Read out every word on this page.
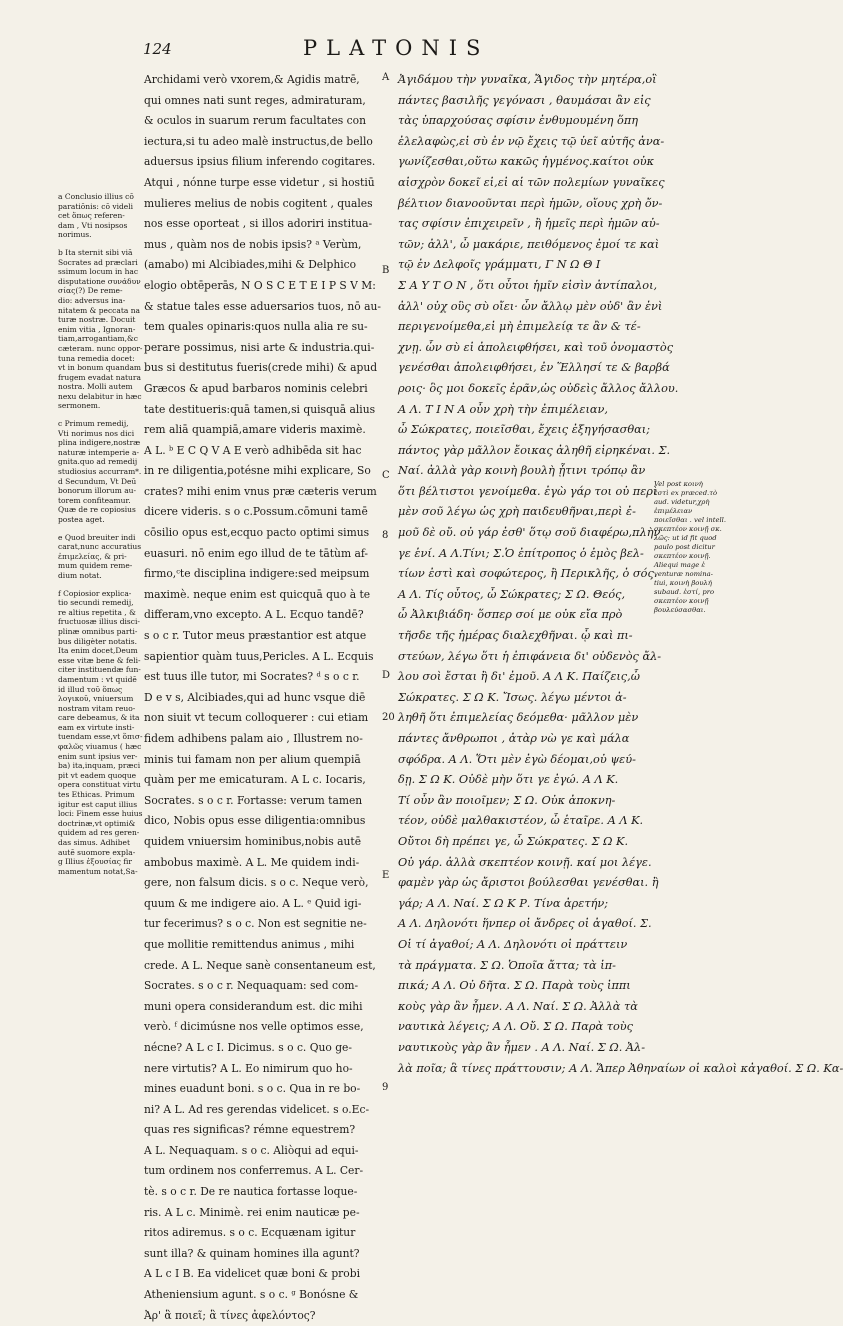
124	PLATONIS

a Conclusio illius cō

paratiōnis: cō videli

cet ὅπως referen-

dam , Vti nosipsos

norimus.

b Ita sternit sibi viā

Socrates ad præclari

ssimum locum in hac

disputatione συνάδυν

σίας(?) De reme-

dio: adversus ina-

nitatem & peccata na

turæ nostræ. Docuit

enim vitia , Ignoran-

tiam,arrogantiam,&c

cæteram. nunc oppor-

tuna remedia docet:

vt in bonum quandam

frugem evadat natura

nostra. Molli autem

nexu delabitur in hæc

sermonem.

c Primum remedij,

Vti norimus nos dici

plina indigere,nostræ

naturæ intemperie a-

gnita.quo ad remedij

studiosius accurram*.

d Secundum, Vt Deū

bonorum illorum au-

torem confiteamur.

Quæ de re copiosius

postea aget.

e Quod breuiter indi

carat,nunc accuratius

ἐπιμελείας, & pri-

mum quidem reme-

dium notat.

f Copiosior explica-

tio secundi remedij,

re altius repetita , &

fructuosæ illius disci-

plinæ omnibus parti-

bus diligèter notatis.

Ita enim docet,Deum

esse vitæ bene & feli-

citer instituendæ fun-

damentum : vt quidē

id illud τοῦ ὅπως

λογικοῦ, vniuersum

nostram vitam reuo-

care debeamus, & ita

eam ex virtute insti-

tuendam esse,vt ὅπισ-

φαλῶς viuamus ( hæc

enim sunt ipsius ver-

ba) ita,inquam, præci

pit vt eadem quoque

opera constituat virtu

tes Ethicas. Primum

igitur est caput illius

loci: Finem esse huius

doctrinæ,vt optimi&

quidem ad res geren-

das simus. Adhibet

autē suomore expla-

g Illius ἐξουσίας fir

mamentum notat,Sa-

Archidami verò vxorem,& Agidis matrē,

qui omnes nati sunt reges, admiraturam,

& oculos in suarum rerum facultates con

iectura,si tu adeo malè instructus,de bello

aduersus ipsius filium inferendo cogitares.

Atqui , nónne turpe esse videtur , si hostiū

mulieres melius de nobis cogitent , quales

nos esse oporteat , si illos adoriri institua-

mus , quàm nos de nobis ipsis? ᵃ Verùm,

(amabo) mi Alcibiades,mihi & Delphico

elogio obtēperās, N O S C E T E I P S V M:

& statue tales esse aduersarios tuos, nō au-

tem quales opinaris:quos nulla alia re su-

perare possimus, nisi arte & industria.qui-

bus si destitutus fueris(crede mihi) & apud

Græcos & apud barbaros nominis celebri

tate destitueris:quā tamen,si quisquā alius

rem aliā quampiā,amare videris maximè.

A L. ᵇ E C Q V A E verò adhibēda sit hac

in re diligentia,potésne mihi explicare, So

crates? mihi enim vnus præ cæteris verum

dicere videris. s o c.Possum.cōmuni tamē

cōsilio opus est,ecquo pacto optimi simus

euasuri. nō enim ego illud de te tātùm af-

firmo,ᶜte disciplina indigere:sed meipsum

maximè. neque enim est quicquā quo à te

differam,vno excepto. A L. Ecquo tandē?

s o c r. Tutor meus præstantior est atque

sapientior quàm tuus,Pericles. A L. Ecquis

est tuus ille tutor, mi Socrates? ᵈ s o c r.

D e v s, Alcibiades,qui ad hunc vsque diē

non siuit vt tecum colloquerer : cui etiam

fidem adhibens palam aio , Illustrem no-

minis tui famam non per alium quempiā

quàm per me emicaturam. A L c. Iocaris,

Socrates. s o c r. Fortasse: verum tamen

dico, Nobis opus esse diligentia:omnibus

quidem vniuersim hominibus,nobis autē

ambobus maximè. A L. Me quidem indi-

gere, non falsum dicis. s o c. Neque verò,

quum & me indigere aio. A L. ᵉ Quid igi-

tur fecerimus? s o c. Non est segnitie ne-

que mollitie remittendus animus , mihi

crede. A L. Neque sanè consentaneum est,

Socrates. s o c r. Nequaquam: sed com-

muni opera considerandum est. dic mihi

verò. ᶠ dicimúsne nos velle optimos esse,

nécne? A L c I. Dicimus. s o c. Quo ge-

nere virtutis? A L. Eo nimirum quo ho-

mines euadunt boni. s o c. Qua in re bo-

ni? A L. Ad res gerendas videlicet. s o.Ec-

quas res significas? rémne equestrem?

A L. Nequaquam. s o c. Aliòqui ad equi-

tum ordinem nos conferremus. A L. Cer-

tè. s o c r. De re nautica fortasse loque-

ris. A L c. Minimè. rei enim nauticæ pe-

ritos adiremus. s o c. Ecquænam igitur

sunt illa? & quinam homines illa agunt?

A L c I B. Ea videlicet quæ boni & probi

Atheniensium agunt. s o c. ᵍ Bonósne &

Ἀρ' ἃ ποιεῖ; ἃ τίνες ἀφελόντος?

A
B
C
8
D
20
E
9

Ἀγιδάμου τὴν γυναῖκα, Ἄγιδος τὴν μητέρα,οἳ

πάντες βασιλῆς γεγόνασι , θαυμάσαι ἂν εἰς

τὰς ὑπαρχούσας σφίσιν ἐνθυμουμένη ὅπη

ἐλελαφὼς,εἰ σὺ ἐν νῷ ἔχεις τῷ ὑεῖ αὐτῆς ἀνα-

γωνίζεσθαι,οὕτω κακῶς ἠγμένος.καίτοι οὐκ

αἰσχρὸν δοκεῖ εἰ,εἰ αἱ τῶν πολεμίων γυναῖκες

βέλτιον διανοοῦνται περὶ ἡμῶν, οἵους χρὴ ὄν-

τας σφίσιν ἐπιχειρεῖν , ἢ ἡμεῖς περὶ ἡμῶν αὐ-

τῶν; ἀλλ', ὦ μακάριε, πειθόμενος ἐμοί τε καὶ

τῷ ἐν Δελφοῖς γράμματι, Γ Ν Ω Θ Ι

Σ Α Υ Τ Ο Ν , ὅτι οὗτοι ἡμῖν εἰσὶν ἀντίπαλοι,

ἀλλ' οὐχ οὓς σὺ οἴει· ὧν ἄλλῳ μὲν οὐδ' ἂν ἑνὶ

περιγενοίμεθα,εἰ μὴ ἐπιμελείᾳ τε ἂν & τέ-

χνῃ. ὧν σὺ εἰ ἀπολειφθήσει, καὶ τοῦ ὀνομαστὸς

γενέσθαι ἀπολειφθήσει, ἐν Ἕλλησί τε & βαρβά

ροις· ὃς μοι δοκεῖς ἐρᾶν,ὡς οὐδεὶς ἄλλος ἄλλου.

Α Λ. Τ Ι Ν Α οὖν χρὴ τὴν ἐπιμέλειαν,

ὦ Σώκρατες, ποιεῖσθαι, ἔχεις ἐξηγήσασθαι;

πάντος γὰρ μᾶλλον ἔοικας ἀληθῆ εἰρηκέναι. Σ.

Ναί. ἀλλὰ γὰρ κοινὴ βουλὴ ᾗτινι τρόπῳ ἂν

ὅτι βέλτιστοι γενοίμεθα. ἐγὼ γάρ τοι οὐ περὶ

μὲν σοῦ λέγω ὡς χρὴ παιδευθῆναι,περὶ ἐ-

μοῦ δὲ οὔ. οὐ γάρ ἐσθ' ὅτῳ σοῦ διαφέρω,πλὴν

γε ἑνί. Α Λ.Τίνι; Σ.Ὁ ἐπίτροπος ὁ ἐμὸς βελ-

τίων ἐστὶ καὶ σοφώτερος, ἢ Περικλῆς, ὁ σός.

Α Λ. Τίς οὗτος, ὦ Σώκρατες; Σ Ω. Θεός,

ὦ Ἀλκιβιάδη· ὅσπερ σοί με οὐκ εἴα πρὸ

τῆσδε τῆς ἡμέρας διαλεχθῆναι. ᾧ καὶ πι-

στεύων, λέγω ὅτι ἡ ἐπιφάνεια δι' οὐδενὸς ἄλ-

λου σοὶ ἔσται ἢ δι' ἐμοῦ. Α Λ Κ. Παίζεις,ὦ

Σώκρατες. Σ Ω Κ. Ἴσως. λέγω μέντοι ἀ-

ληθῆ ὅτι ἐπιμελείας δεόμεθα· μᾶλλον μὲν

πάντες ἄνθρωποι , ἀτὰρ νὼ γε καὶ μάλα

σφόδρα. Α Λ. Ὅτι μὲν ἐγὼ δέομαι,οὐ ψεύ-

δῃ. Σ Ω Κ. Οὐδὲ μὴν ὅτι γε ἐγώ. Α Λ Κ.

Τί οὖν ἂν ποιοῖμεν; Σ Ω. Οὐκ ἀποκνη-

τέον, οὐδὲ μαλθακιστέον, ὦ ἑταῖρε. Α Λ Κ.

Οὔτοι δὴ πρέπει γε, ὦ Σώκρατες. Σ Ω Κ.

Οὐ γάρ. ἀλλὰ σκεπτέον κοινῇ. καί μοι λέγε.

φαμὲν γὰρ ὡς ἄριστοι βούλεσθαι γενέσθαι. ἢ

γάρ; Α Λ. Ναί. Σ Ω Κ Ρ. Τίνα ἀρετήν;

Α Λ. Δηλονότι ἥνπερ οἱ ἄνδρες οἱ ἀγαθοί. Σ.

Οἱ τί ἀγαθοί; Α Λ. Δηλονότι οἱ πράττειν

τὰ πράγματα. Σ Ω. Ὁποῖα ἄττα; τὰ ἱπ-

πικά; Α Λ. Οὐ δῆτα. Σ Ω. Παρὰ τοὺς ἱππι

κοὺς γὰρ ἂν ἦμεν. Α Λ. Ναί. Σ Ω. Ἀλλὰ τὰ

ναυτικὰ λέγεις; Α Λ. Οὔ. Σ Ω. Παρὰ τοὺς

ναυτικοὺς γὰρ ἂν ἦμεν . Α Λ. Ναί. Σ Ω. Ἀλ-

λὰ ποῖα; ἃ τίνες πράττουσιν; Α Λ. Ἅπερ Ἀθηναίων οἱ καλοὶ κἀγαθοί. Σ Ω. Κα-

Vel post κοινὴ

ἐστὶ ex præced.τὸ

aud. videtur,χρὴ

ἐπιμέλειαν

ποιεῖσθαι . vel intell.

σκεπτέον κοινῇ σκ.

λῶς: ut id fit quod

paulo post dicitur

σκεπτέον κοινῇ.

Aliequi mage ἐ

venturæ nomina-

tiui, κοινὴ βουλή

subaud. ἐστί, pro

σκεπτέον κοινῇ

βουλεύσασθαι.
